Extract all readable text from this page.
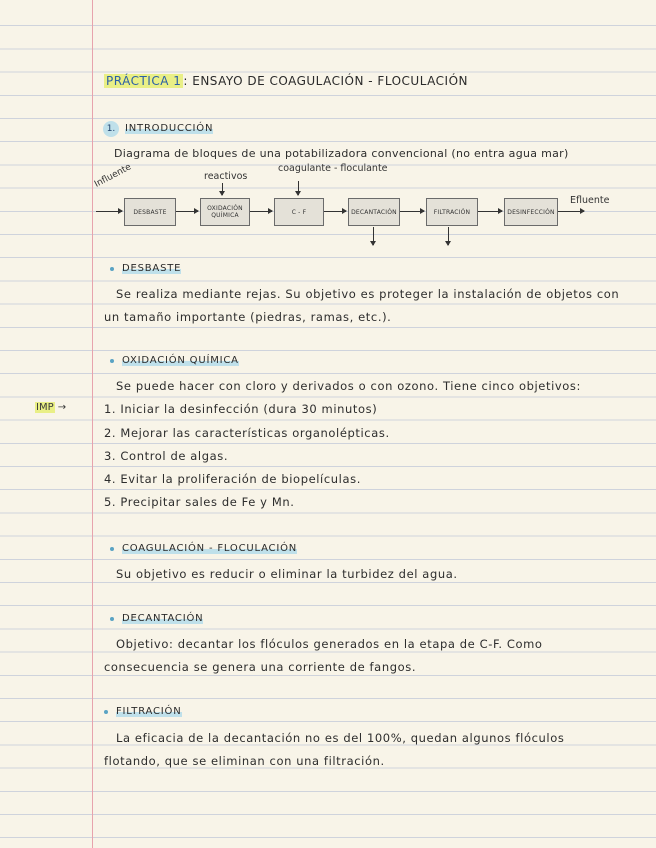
PRÁCTICA 1 : ENSAYO DE COAGULACIÓN - FLOCULACIÓN
1. INTRODUCCIÓN
Diagrama de bloques de una potabilizadora convencional (no entra agua mar)
Influente	reactivos
coagulante - floculante
Efluente
DESBASTE	OXIDACIÓN QUÍMICA	C - F	DECANTACIÓN	FILTRACIÓN	DESINFECCIÓN
DESBASTE
Se realiza mediante rejas. Su objetivo es proteger la instalación de objetos con
un tamaño importante (piedras, ramas, etc.).
OXIDACIÓN QUÍMICA
Se puede hacer con cloro y derivados o con ozono. Tiene cinco objetivos:
IMP →	1. Iniciar la desinfección (dura 30 minutos)
2. Mejorar las características organolépticas.
3. Control de algas.
4. Evitar la proliferación de biopelículas.
5. Precipitar sales de Fe y Mn.
COAGULACIÓN - FLOCULACIÓN
Su objetivo es reducir o eliminar la turbidez del agua.
DECANTACIÓN
Objetivo: decantar los flóculos generados en la etapa de C-F. Como
consecuencia se genera una corriente de fangos.
FILTRACIÓN
La eficacia de la decantación no es del 100%, quedan algunos flóculos
flotando, que se eliminan con una filtración.
